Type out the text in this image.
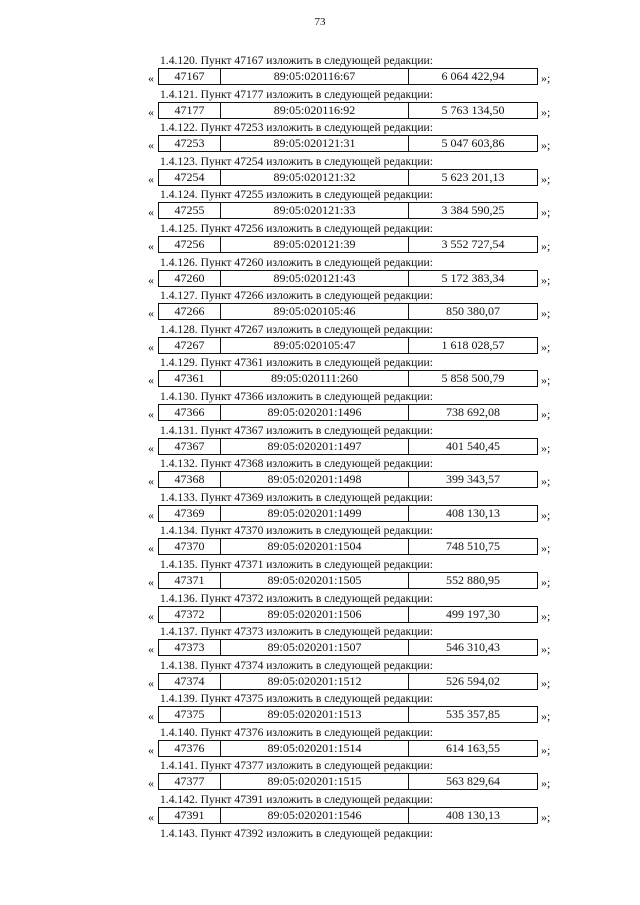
73
1.4.120. Пункт 47167 изложить в следующей редакции:
«	47167	89:05:020116:67	6 064 422,94	»;
1.4.121. Пункт 47177 изложить в следующей редакции:
«	47177	89:05:020116:92	5 763 134,50	»;
1.4.122. Пункт 47253 изложить в следующей редакции:
«	47253	89:05:020121:31	5 047 603,86	»;
1.4.123. Пункт 47254 изложить в следующей редакции:
«	47254	89:05:020121:32	5 623 201,13	»;
1.4.124. Пункт 47255 изложить в следующей редакции:
«	47255	89:05:020121:33	3 384 590,25	»;
1.4.125. Пункт 47256 изложить в следующей редакции:
«	47256	89:05:020121:39	3 552 727,54	»;
1.4.126. Пункт 47260 изложить в следующей редакции:
«	47260	89:05:020121:43	5 172 383,34	»;
1.4.127. Пункт 47266 изложить в следующей редакции:
«	47266	89:05:020105:46	850 380,07	»;
1.4.128. Пункт 47267 изложить в следующей редакции:
«	47267	89:05:020105:47	1 618 028,57	»;
1.4.129. Пункт 47361 изложить в следующей редакции:
«	47361	89:05:020111:260	5 858 500,79	»;
1.4.130. Пункт 47366 изложить в следующей редакции:
«	47366	89:05:020201:1496	738 692,08	»;
1.4.131. Пункт 47367 изложить в следующей редакции:
«	47367	89:05:020201:1497	401 540,45	»;
1.4.132. Пункт 47368 изложить в следующей редакции:
«	47368	89:05:020201:1498	399 343,57	»;
1.4.133. Пункт 47369 изложить в следующей редакции:
«	47369	89:05:020201:1499	408 130,13	»;
1.4.134. Пункт 47370 изложить в следующей редакции:
«	47370	89:05:020201:1504	748 510,75	»;
1.4.135. Пункт 47371 изложить в следующей редакции:
«	47371	89:05:020201:1505	552 880,95	»;
1.4.136. Пункт 47372 изложить в следующей редакции:
«	47372	89:05:020201:1506	499 197,30	»;
1.4.137. Пункт 47373 изложить в следующей редакции:
«	47373	89:05:020201:1507	546 310,43	»;
1.4.138. Пункт 47374 изложить в следующей редакции:
«	47374	89:05:020201:1512	526 594,02	»;
1.4.139. Пункт 47375 изложить в следующей редакции:
«	47375	89:05:020201:1513	535 357,85	»;
1.4.140. Пункт 47376 изложить в следующей редакции:
«	47376	89:05:020201:1514	614 163,55	»;
1.4.141. Пункт 47377 изложить в следующей редакции:
«	47377	89:05:020201:1515	563 829,64	»;
1.4.142. Пункт 47391 изложить в следующей редакции:
«	47391	89:05:020201:1546	408 130,13	»;
1.4.143. Пункт 47392 изложить в следующей редакции:
